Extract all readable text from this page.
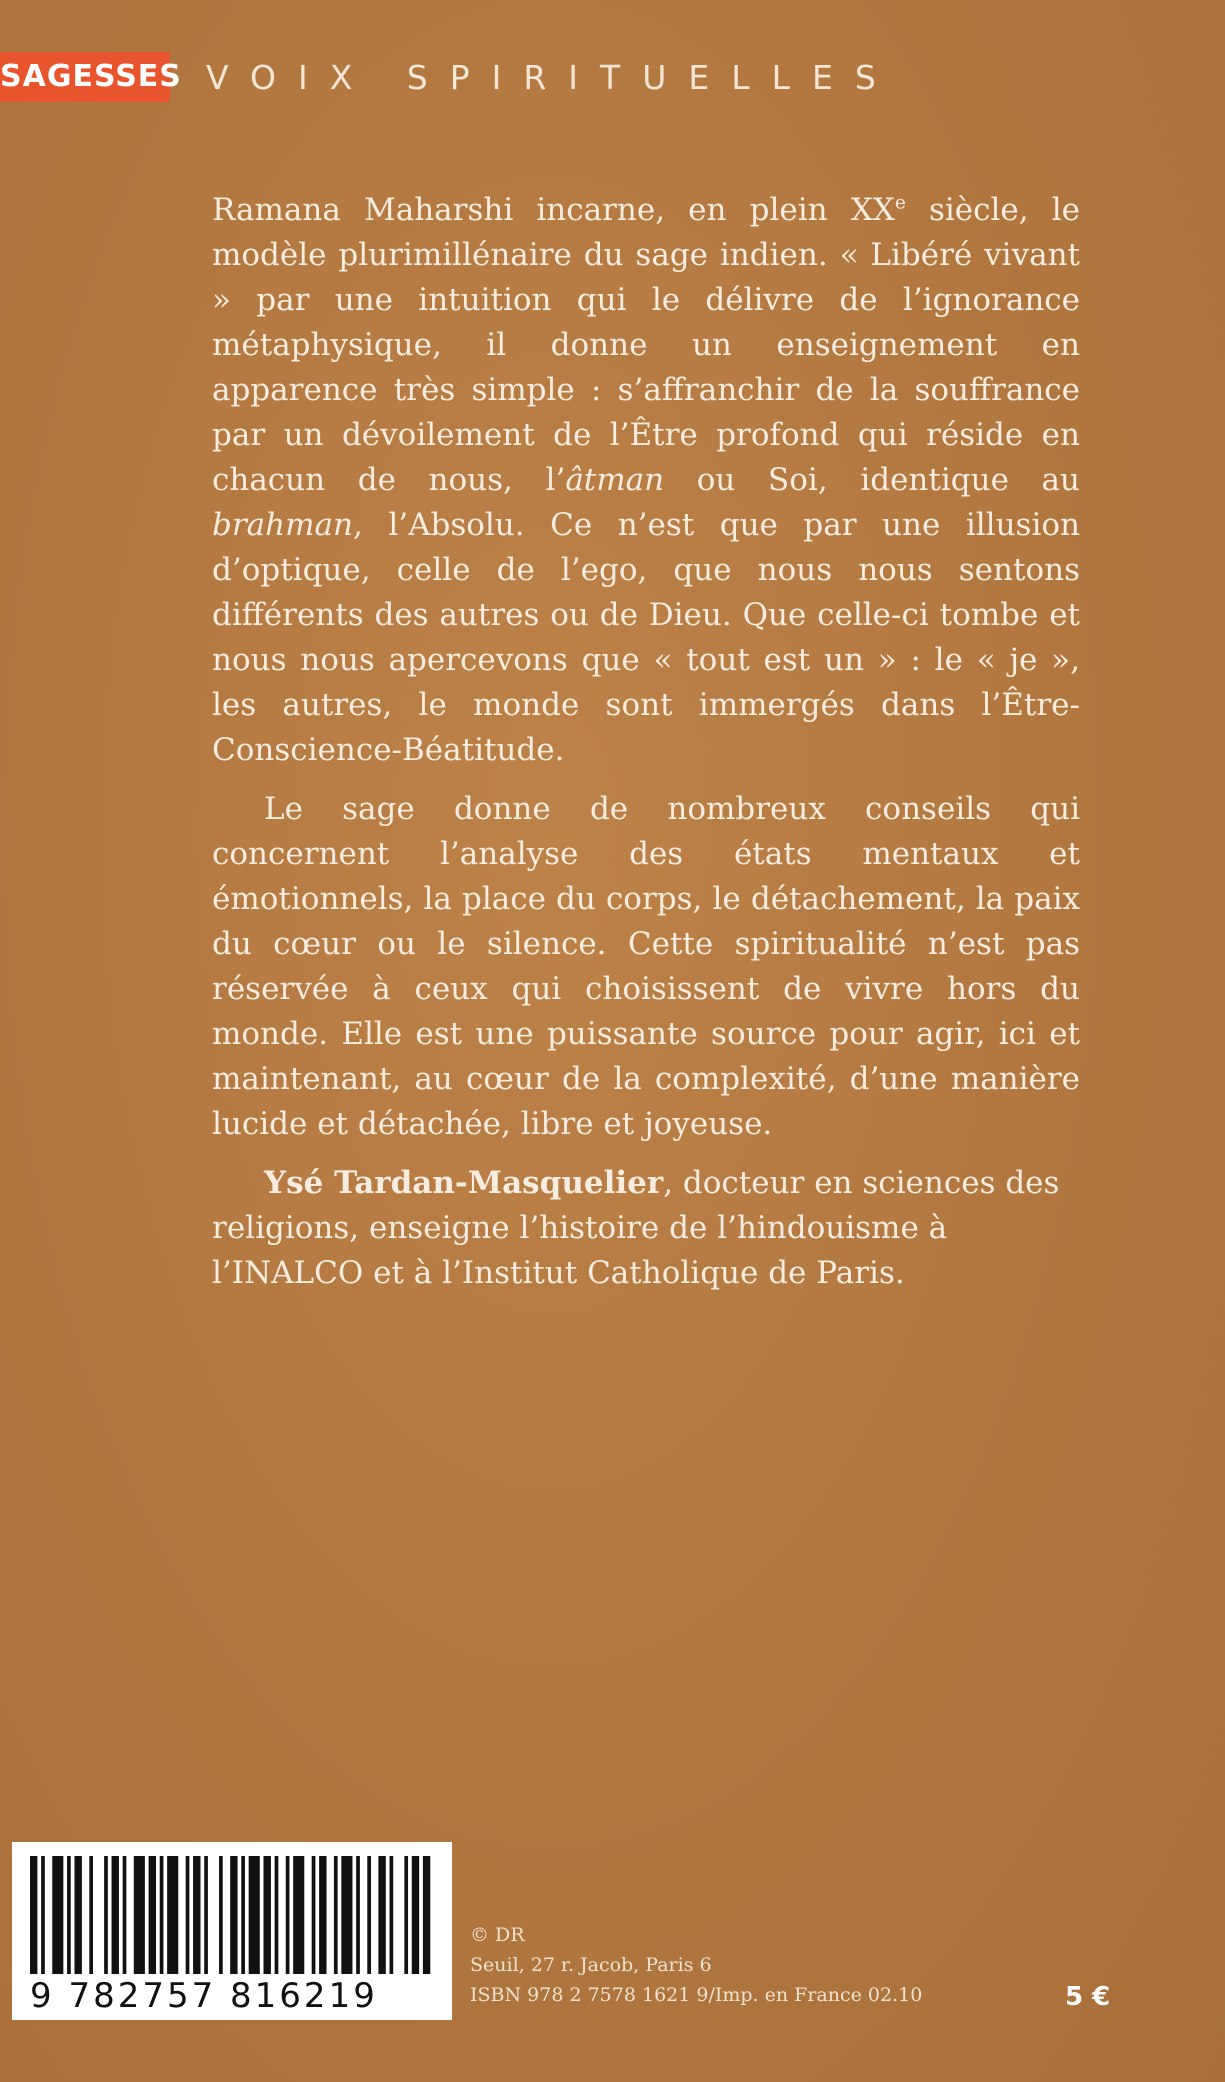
SAGESSES VOIX SPIRITUELLES

Ramana Maharshi incarne, en plein XXe siècle, le modèle plurimillénaire du sage indien. « Libéré vivant » par une intuition qui le délivre de l’ignorance métaphysique, il donne un enseignement en apparence très simple : s’affranchir de la souffrance par un dévoilement de l’Être profond qui réside en chacun de nous, l’âtman ou Soi, identique au brahman, l’Absolu. Ce n’est que par une illusion d’optique, celle de l’ego, que nous nous sentons différents des autres ou de Dieu. Que celle-ci tombe et nous nous apercevons que « tout est un » : le « je », les autres, le monde sont immergés dans l’Être-Conscience-Béatitude.

Le sage donne de nombreux conseils qui concernent l’analyse des états mentaux et émotionnels, la place du corps, le détachement, la paix du cœur ou le silence. Cette spiritualité n’est pas réservée à ceux qui choisissent de vivre hors du monde. Elle est une puissante source pour agir, ici et maintenant, au cœur de la complexité, d’une manière lucide et détachée, libre et joyeuse.

Ysé Tardan-Masquelier, docteur en sciences des religions, enseigne l’histoire de l’hindouisme à l’INALCO et à l’Institut Catholique de Paris.

9 782757 816219
© DR
Seuil, 27 r. Jacob, Paris 6
ISBN 978 2 7578 1621 9/Imp. en France 02.10	5 €
